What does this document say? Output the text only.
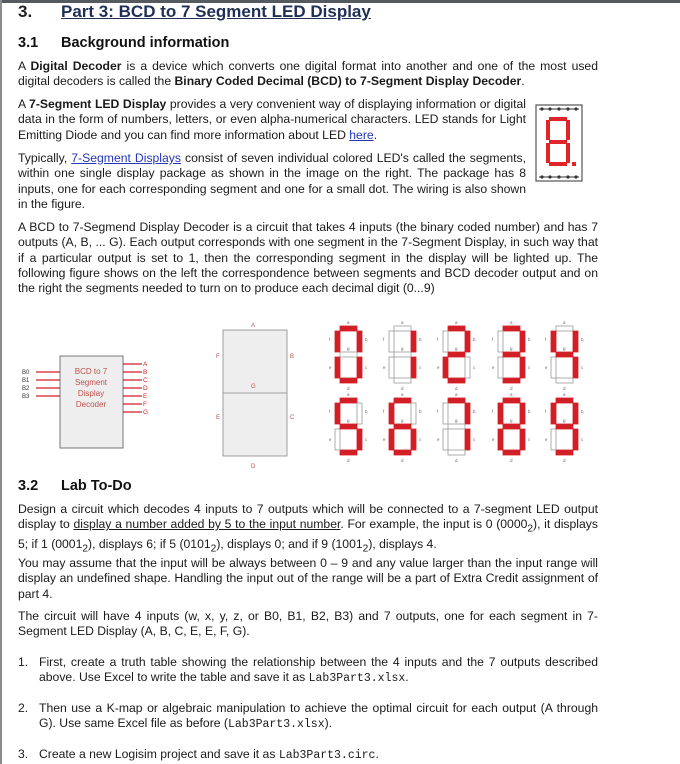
3. Part 3: BCD to 7 Segment LED Display
3.1 Background information

A Digital Decoder is a device which converts one digital format into another and one of the most used digital decoders is called the Binary Coded Decimal (BCD) to 7-Segment Display Decoder.

A 7-Segment LED Display provides a very convenient way of displaying information or digital data in the form of numbers, letters, or even alpha-numerical characters. LED stands for Light Emitting Diode and you can find more information about LED here.

Typically, 7-Segment Displays consist of seven individual colored LED's called the segments, within one single display package as shown in the image on the right. The package has 8 inputs, one for each corresponding segment and one for a small dot. The wiring is also shown in the figure.

A BCD to 7-Segmend Display Decoder is a circuit that takes 4 inputs (the binary coded number) and has 7 outputs (A, B, ... G). Each output corresponds with one segment in the 7-Segment Display, in such way that if a particular output is set to 1, then the corresponding segment in the display will be lighted up. The following figure shows on the left the correspondence between segments and BCD decoder output and on the right the segments needed to turn on to produce each decimal digit (0...9)

BCD to 7
Segment
Display
Decoder
B0
B1
B2
B3
A
B
C
D
E
F
G
A
B
C
D
E
F
G
a
b
c
d
e
f
g
a
b
c
d
e
f
g
a
b
c
d
e
f
g
a
b
c
d
e
f
g
a
b
c
d
e
f
g
a
b
c
d
e
f
g
a
b
c
d
e
f
g
a
b
c
d
e
f
g
a
b
c
d
e
f
g
a
b
c
d
e
f
g
3.2 Lab To-Do

Design a circuit which decodes 4 inputs to 7 outputs which will be connected to a 7-segment LED output display to display a number added by 5 to the input number. For example, the input is 0 $(0000_2)$, it displays 5; if 1 $(0001_2)$, displays 6; if 5 $(0101_2)$, displays 0; and if 9 $(1001_2)$, displays 4.

You may assume that the input will be always between 0 – 9 and any value larger than the input range will display an undefined shape. Handling the input out of the range will be a part of Extra Credit assignment of part 4.

The circuit will have 4 inputs (w, x, y, z, or B0, B1, B2, B3) and 7 outputs, one for each segment in 7-Segment LED Display (A, B, C, E, E, F, G).

1. First, create a truth table showing the relationship between the 4 inputs and the 7 outputs described above. Use Excel to write the table and save it as Lab3Part3.xlsx.
2. Then use a K-map or algebraic manipulation to achieve the optimal circuit for each output (A through G). Use same Excel file as before (Lab3Part3.xlsx).
3. Create a new Logisim project and save it as Lab3Part3.circ.
